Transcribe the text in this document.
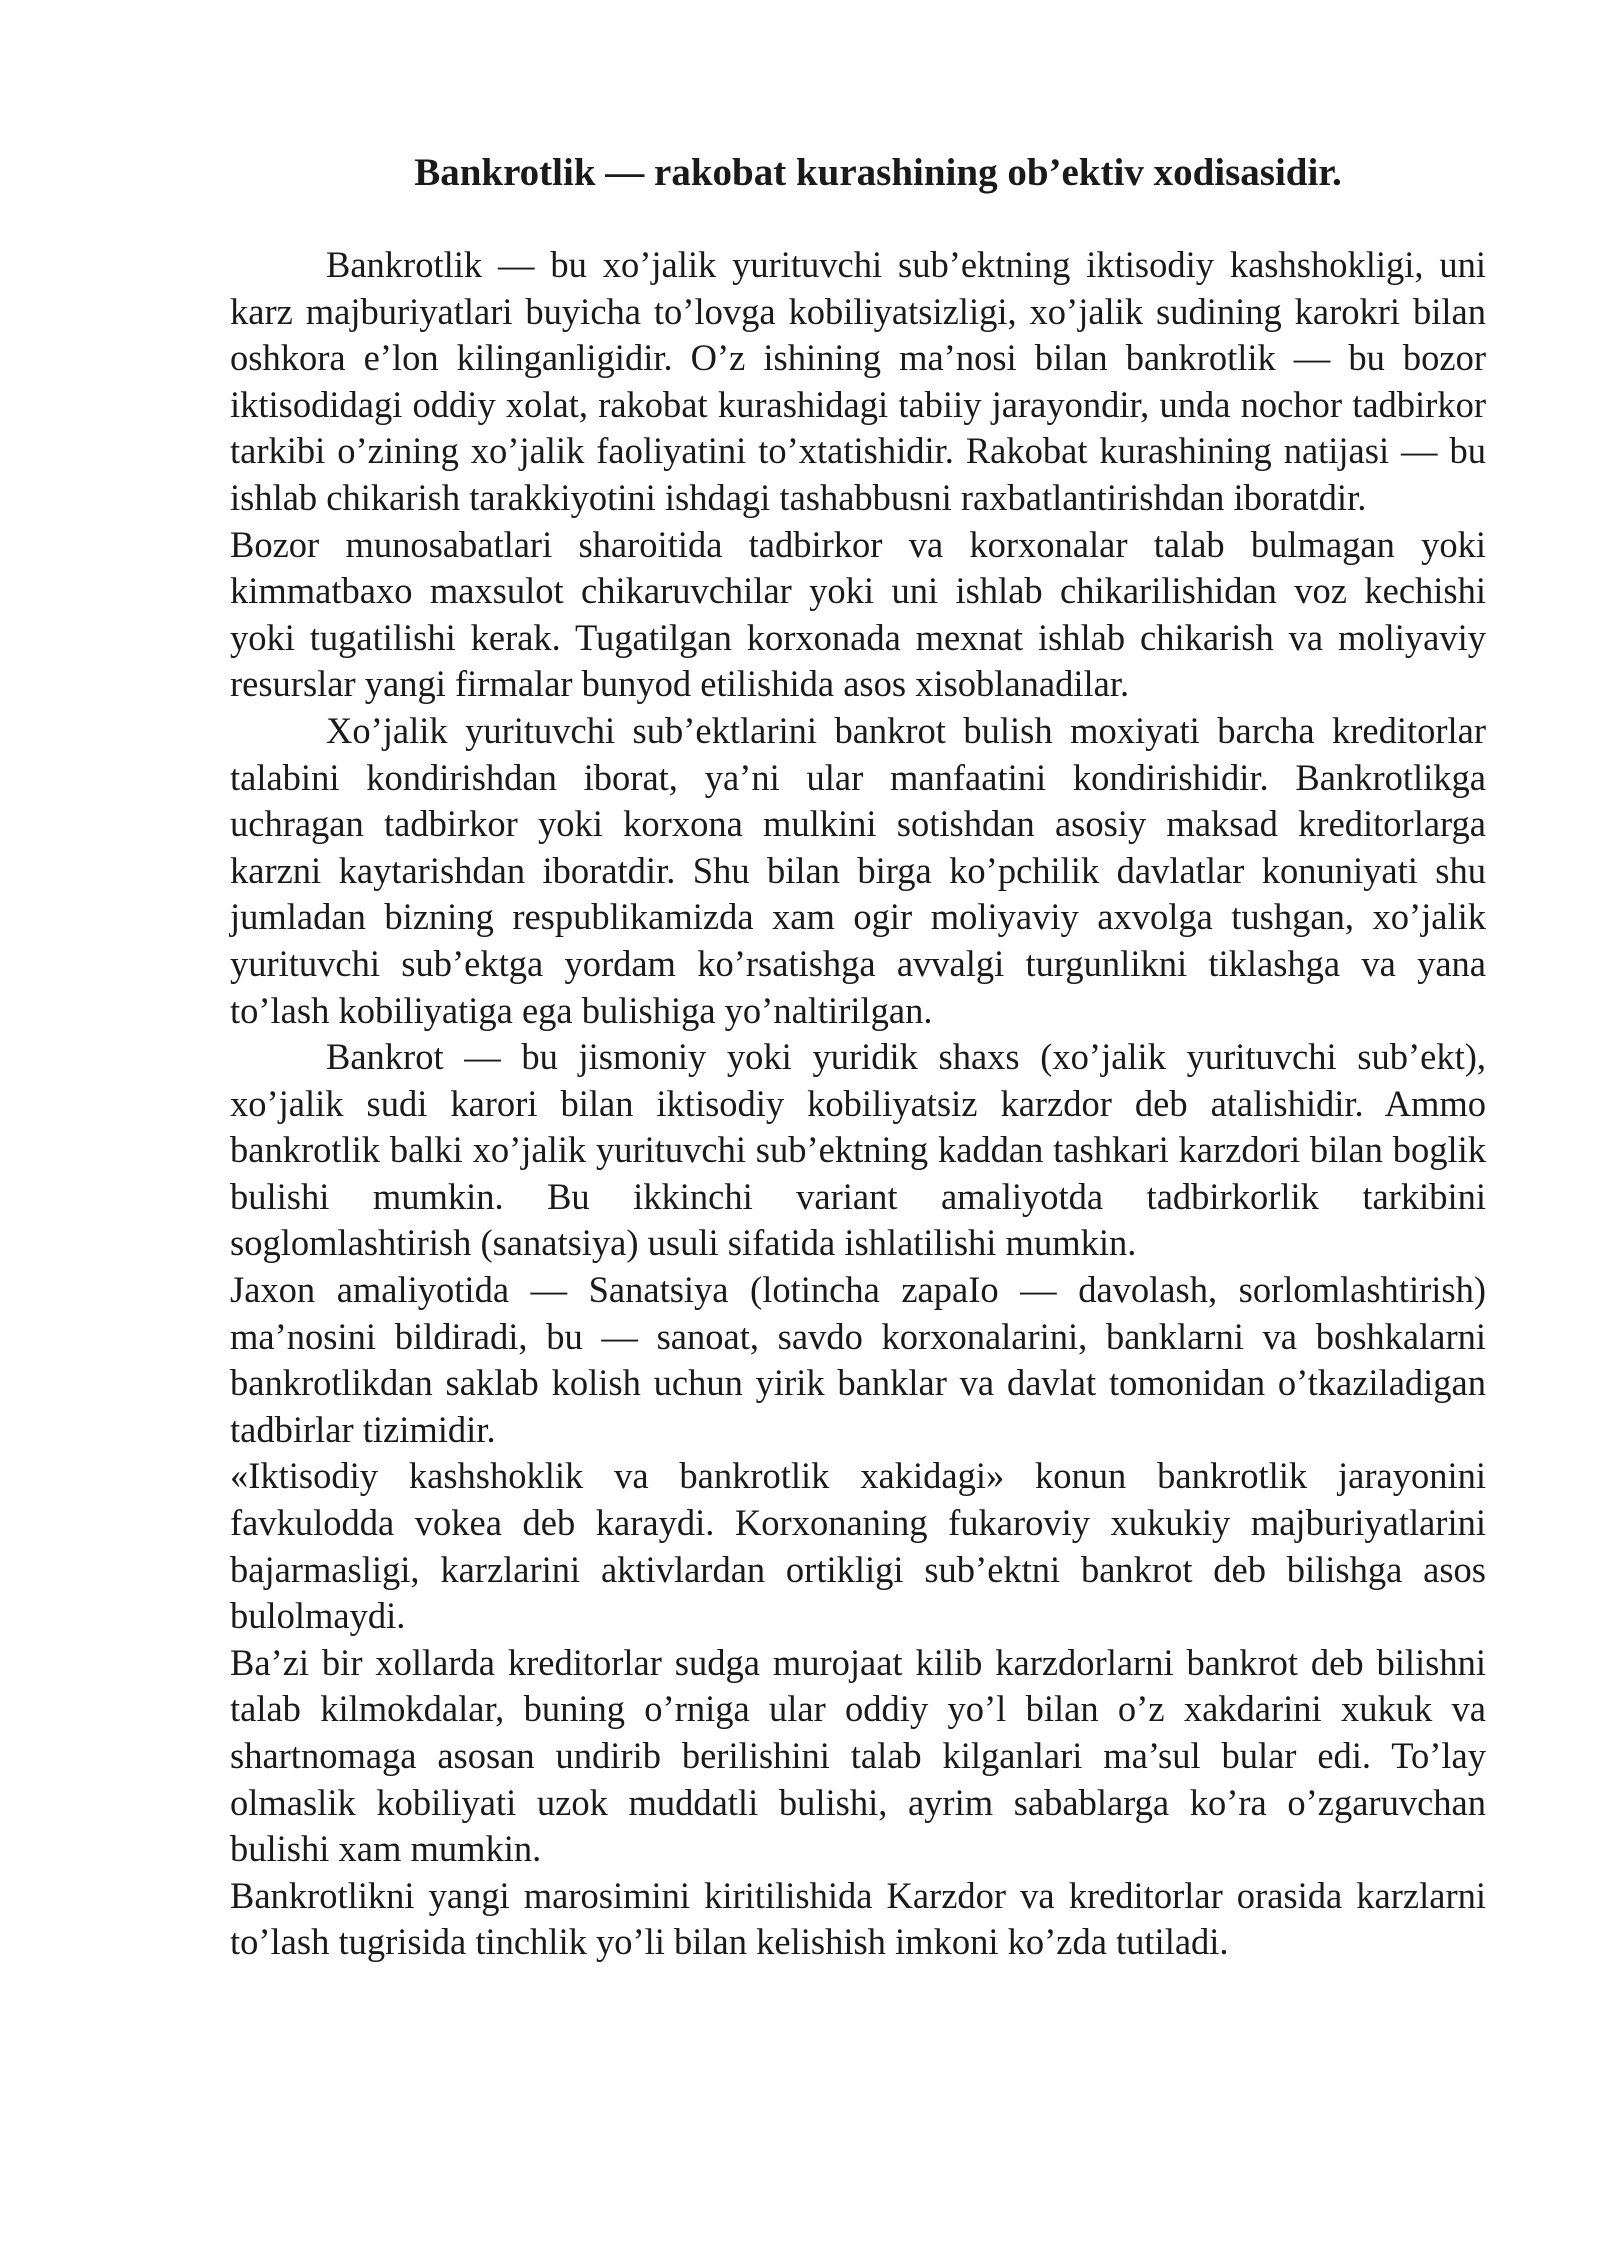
Bankrotlik — rakobat kurashining ob’ektiv xodisasidir.

Bankrotlik — bu xo’jalik yurituvchi sub’ektning iktisodiy kashshokligi, uni karz majburiyatlari buyicha to’lovga kobiliyatsizligi, xo’jalik sudining karokri bilan oshkora e’lon kilinganligidir. O’z ishining ma’nosi bilan bankrotlik — bu bozor iktisodidagi oddiy xolat, rakobat kurashidagi tabiiy jarayondir, unda nochor tadbirkor tarkibi o’zining xo’jalik faoliyatini to’xtatishidir. Rakobat kurashining natijasi — bu ishlab chikarish tarakkiyotini ishdagi tashabbusni raxbatlantirishdan iboratdir.

Bozor munosabatlari sharoitida tadbirkor va korxonalar talab bulmagan yoki kimmatbaxo maxsulot chikaruvchilar yoki uni ishlab chikarilishidan voz kechishi yoki tugatilishi kerak. Tugatilgan korxonada mexnat ishlab chikarish va moliyaviy resurslar yangi firmalar bunyod etilishida asos xisoblanadilar.

Xo’jalik yurituvchi sub’ektlarini bankrot bulish moxiyati barcha kreditorlar talabini kondirishdan iborat, ya’ni ular manfaatini kondirishidir. Bankrotlikga uchragan tadbirkor yoki korxona mulkini sotishdan asosiy maksad kreditorlarga karzni kaytarishdan iboratdir. Shu bilan birga ko’pchilik davlatlar konuniyati shu jumladan bizning respublikamizda xam ogir moliyaviy axvolga tushgan, xo’jalik yurituvchi sub’ektga yordam ko’rsatishga avvalgi turgunlikni tiklashga va yana to’lash kobiliyatiga ega bulishiga yo’naltirilgan.

Bankrot — bu jismoniy yoki yuridik shaxs (xo’jalik yurituvchi sub’ekt), xo’jalik sudi karori bilan iktisodiy kobiliyatsiz karzdor deb atalishidir. Ammo bankrotlik balki xo’jalik yurituvchi sub’ektning kaddan tashkari karzdori bilan boglik bulishi mumkin. Bu ikkinchi variant amaliyotda tadbirkorlik tarkibini soglomlashtirish (sanatsiya) usuli sifatida ishlatilishi mumkin.

Jaxon amaliyotida — Sanatsiya (lotincha zapaIo — davolash, sorlomlashtirish) ma’nosini bildiradi, bu — sanoat, savdo korxonalarini, banklarni va boshkalarni bankrotlikdan saklab kolish uchun yirik banklar va davlat tomonidan o’tkaziladigan tadbirlar tizimidir.

«Iktisodiy kashshoklik va bankrotlik xakidagi» konun bankrotlik jarayonini favkulodda vokea deb karaydi. Korxonaning fukaroviy xukukiy majburiyatlarini bajarmasligi, karzlarini aktivlardan ortikligi sub’ektni bankrot deb bilishga asos bulolmaydi.

Ba’zi bir xollarda kreditorlar sudga murojaat kilib karzdorlarni bankrot deb bilishni talab kilmokdalar, buning o’rniga ular oddiy yo’l bilan o’z xakdarini xukuk va shartnomaga asosan undirib berilishini talab kilganlari ma’sul bular edi. To’lay olmaslik kobiliyati uzok muddatli bulishi, ayrim sabablarga ko’ra o’zgaruvchan bulishi xam mumkin.

Bankrotlikni yangi marosimini kiritilishida Karzdor va kreditorlar orasida karzlarni to’lash tugrisida tinchlik yo’li bilan kelishish imkoni ko’zda tutiladi.
